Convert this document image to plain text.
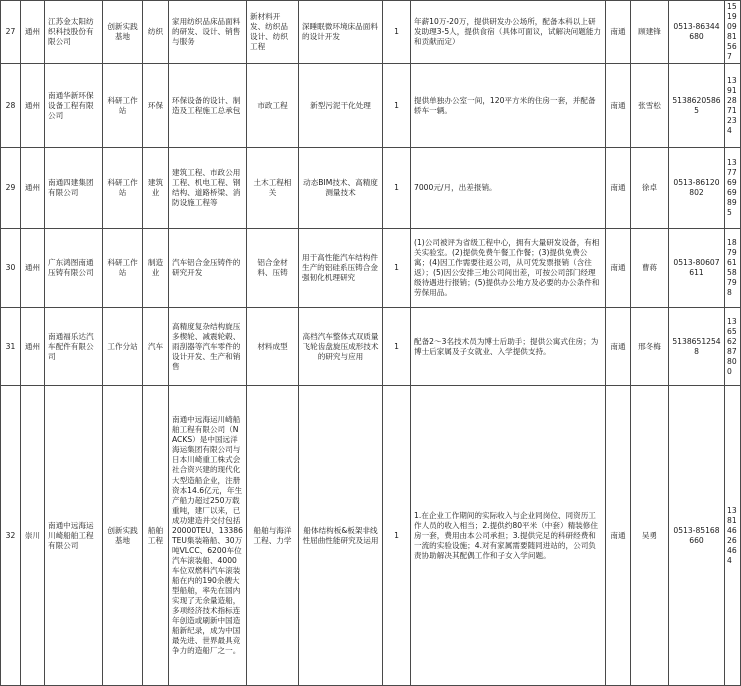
27	通州	江苏金太阳纺织科技股份有限公司	创新实践基地	纺织	家用纺织品床品面料的研发、设计、销售与服务	新材料开发、纺织品设计、纺织工程	深睡眠微环境床品面料的设计开发	1	年薪10万-20万，提供研发办公场所，配备本科以上研发助理3-5人，提供食宿（具体可面议，试解决问题能力和贡献而定）	南通	顾建锋	0513-86344680	15190981567
28	通州	南通华新环保设备工程有限公司	科研工作站	环保	环保设备的设计、制造及工程施工总承包	市政工程	新型污泥干化处理	1	提供单独办公室一间，120平方米的住房一套，并配备轿车一辆。	南通	张雪松	51386205865	13912871234
29	通州	南通四建集团有限公司	科研工作站	建筑业	建筑工程、市政公用工程、机电工程、钢结构、道路桥梁、消防设施工程等	土木工程相关	动态BIM技术、高精度测量技术	1	7000元/月，出差报销。	南通	徐卓	0513-86120802	13776969895
30	通州	广东鸿图南通压铸有限公司	科研工作站	制造业	汽车铝合金压铸件的研究开发	铝合金材料、压铸	用于高性能汽车结构件生产的铝硅系压铸合金强韧化机理研究	1	(1)公司被评为省级工程中心，拥有大量研发设备，有相关实验室。(2)提供免费午餐工作餐；(3)提供免费公寓；(4)因工作需要往返公司，从可凭发票报销（含往返）；(5)因公安排三地公司间出差，可按公司部门经理级待遇进行报销；(5)提供办公地方及必要的办公条件和劳保用品。	南通	曹蒋	0513-80607611	18796158798
31	通州	南通福乐达汽车配件有限公司	工作分站	汽车	高精度复杂结构旋压多楔轮、减震轮毂、雨刮器等汽车零件的设计开发、生产和销售	材料成型	高档汽车整体式双质量飞轮齿盘旋压成形技术的研究与应用	1	配备2～3名技术员为博士后助手；提供公寓式住房；为博士后家属及子女就业、入学提供支持。	南通	邢冬梅	51386512548	13656287800
32	崇川	南通中远海运川崎船舶工程有限公司	创新实践基地	船舶工程	南通中远海运川崎船舶工程有限公司（NACKS）是中国远洋海运集团有限公司与日本川崎重工株式会社合资兴建的现代化大型造船企业，注册资本14.6亿元，年生产船力超过250万载重吨，建厂以来，已成功建造并交付包括20000TEU、13386TEU集装箱船、30万吨VLCC、6200车位汽车滚装船、4000车位双燃料汽车滚装船在内的190余艘大型船舶，率先在国内实现了无余量造船，多项经济技术指标连年创造或刷新中国造船新纪录，成为中国最先进、世界最具竞争力的造船厂之一。	船舶与海洋工程、力学	船体结构板&板架非线性屈曲性能研究及运用	1	1.在企业工作期间的实际收入与企业同岗位、同资历工作人员的收入相当；2.提供约80平米（中套）精装修住房一套，费用由本公司承担；3.提供完足的科研经费和一流的实验设施；4.对有家属需要随同进站的，公司负责协助解决其配偶工作和子女入学问题。	南通	吴勇	0513-85168660	13814626464
